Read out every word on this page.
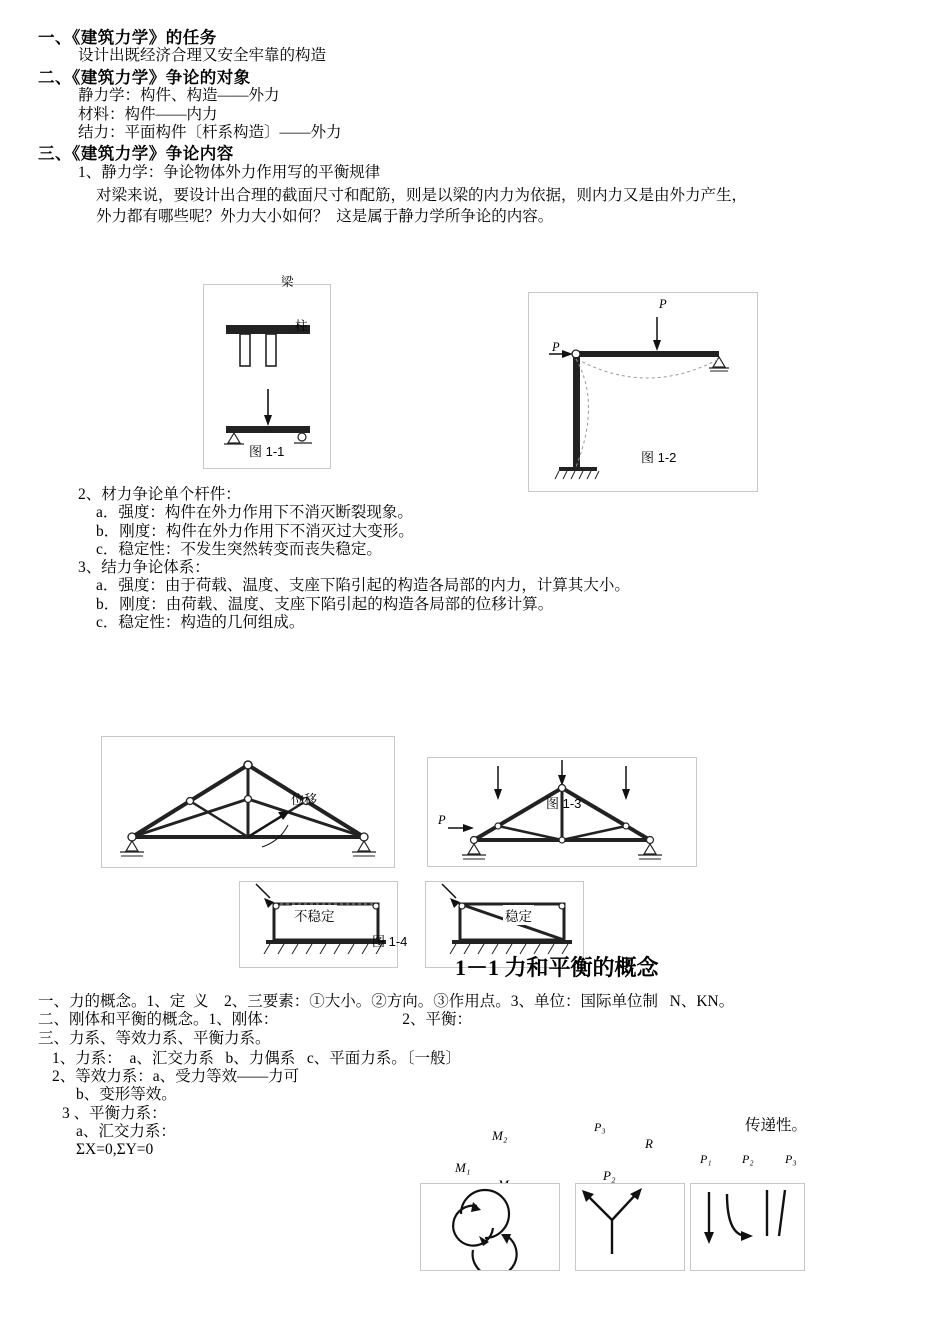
一、《建筑力学》的任务
设计出既经济合理又安全牢靠的构造
二、《建筑力学》争论的对象
静力学：构件、构造——外力
材料：构件——内力
结力：平面构件〔杆系构造〕——外力
三、《建筑力学》争论内容
1、静力学：争论物体外力作用写的平衡规律
对梁来说，要设计出合理的截面尺寸和配筋，则是以梁的内力为依据，则内力又是由外力产生，
外力都有哪些呢？外力大小如何？  这是属于静力学所争论的内容。
梁
柱
图 1-1
P
P
图 1-2
2、材力争论单个杆件：
a．强度：构件在外力作用下不消灭断裂现象。
b．刚度：构件在外力作用下不消灭过大变形。
c．稳定性：不发生突然转变而丧失稳定。
3、结力争论体系：
a．强度：由于荷载、温度、支座下陷引起的构造各局部的内力，计算其大小。
b．刚度：由荷载、温度、支座下陷引起的构造各局部的位移计算。
c．稳定性：构造的几何组成。
位移	图 1-3
P
不稳定	稳定
图 1-4
1－1 力和平衡的概念
一、力的概念。1、定  义    2、三要素：①大小。②方向。③作用点。3、单位：国际单位制   N、KN。
二、刚体和平衡的概念。1、刚体：                                2、平衡：
三、力系、等效力系、平衡力系。
1、力系：  a、汇交力系   b、力偶系   c、平面力系。〔一般〕
2、等效力系：a、受力等效——力可
b、变形等效。
3 、平衡力系：
a、汇交力系：
ΣX=0,ΣY=0
传递性。
M₂
M₁
P₃
R
P₂
P₁	P₂	P₃
